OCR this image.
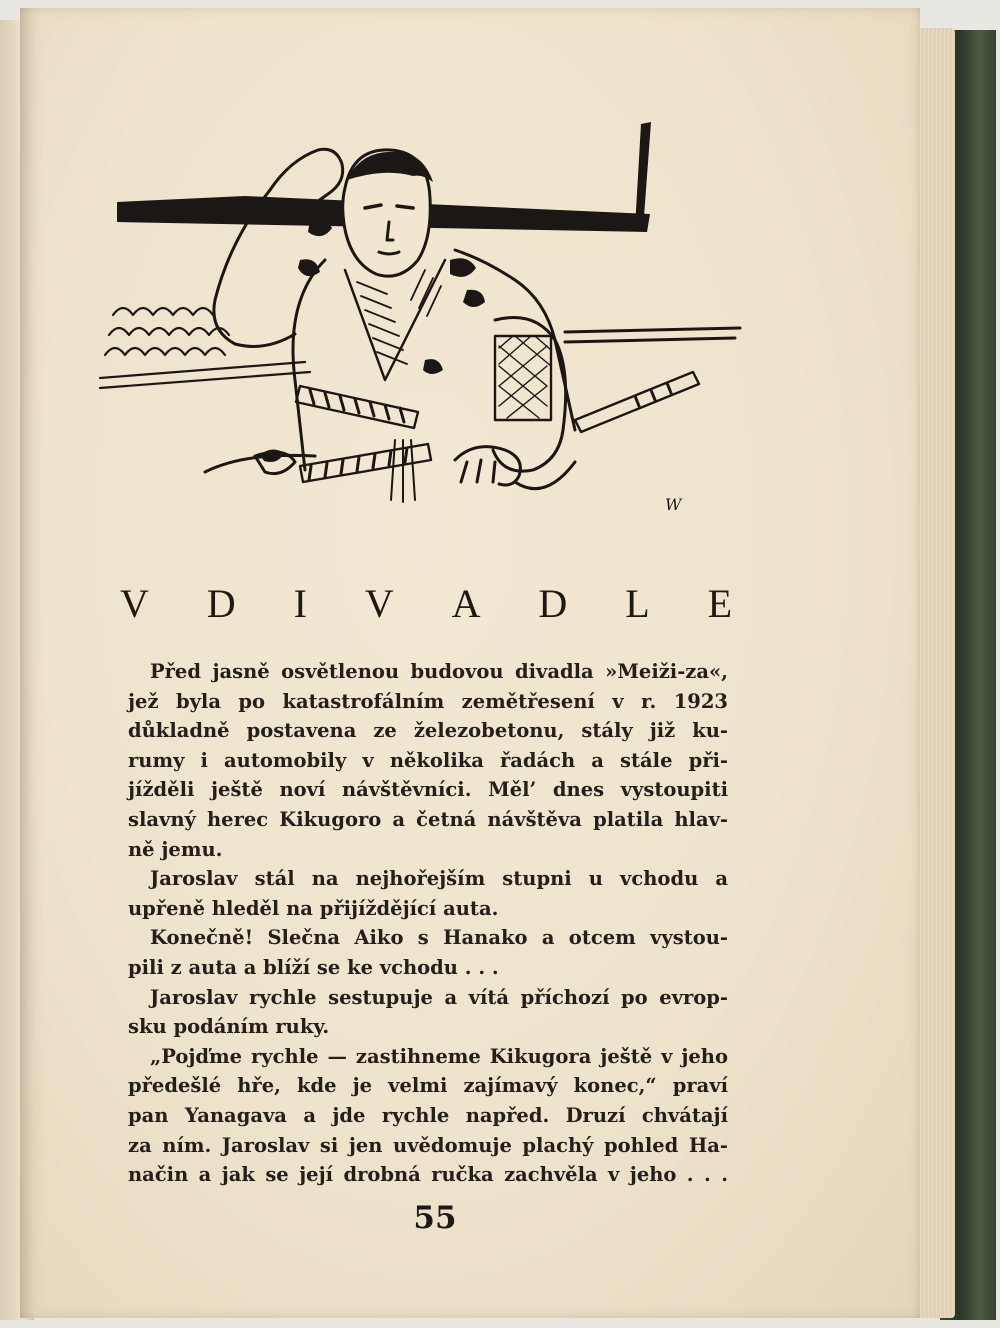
W
V D I V A D L E

Před jasně osvětlenou budovou divadla »Meiži-za«,
jež byla po katastrofálním zemětřesení v r. 1923
důkladně postavena ze železobetonu, stály již ku-
rumy i automobily v několika řadách a stále při-
jížděli ještě noví návštěvníci. Měl’ dnes vystoupiti
slavný herec Kikugoro a četná návštěva platila hlav-
ně jemu.

Jaroslav stál na nejhořejším stupni u vchodu a
upřeně hleděl na přijíždějící auta.

Konečně! Slečna Aiko s Hanako a otcem vystou-
pili z auta a blíží se ke vchodu . . .

Jaroslav rychle sestupuje a vítá příchozí po evrop-
sku podáním ruky.

„Pojďme rychle — zastihneme Kikugora ještě v jeho
předešlé hře, kde je velmi zajímavý konec,“ praví
pan Yanagava a jde rychle napřed. Druzí chvátají
za ním. Jaroslav si jen uvědomuje plachý pohled Ha-
način a jak se její drobná ručka zachvěla v jeho . . .

55
